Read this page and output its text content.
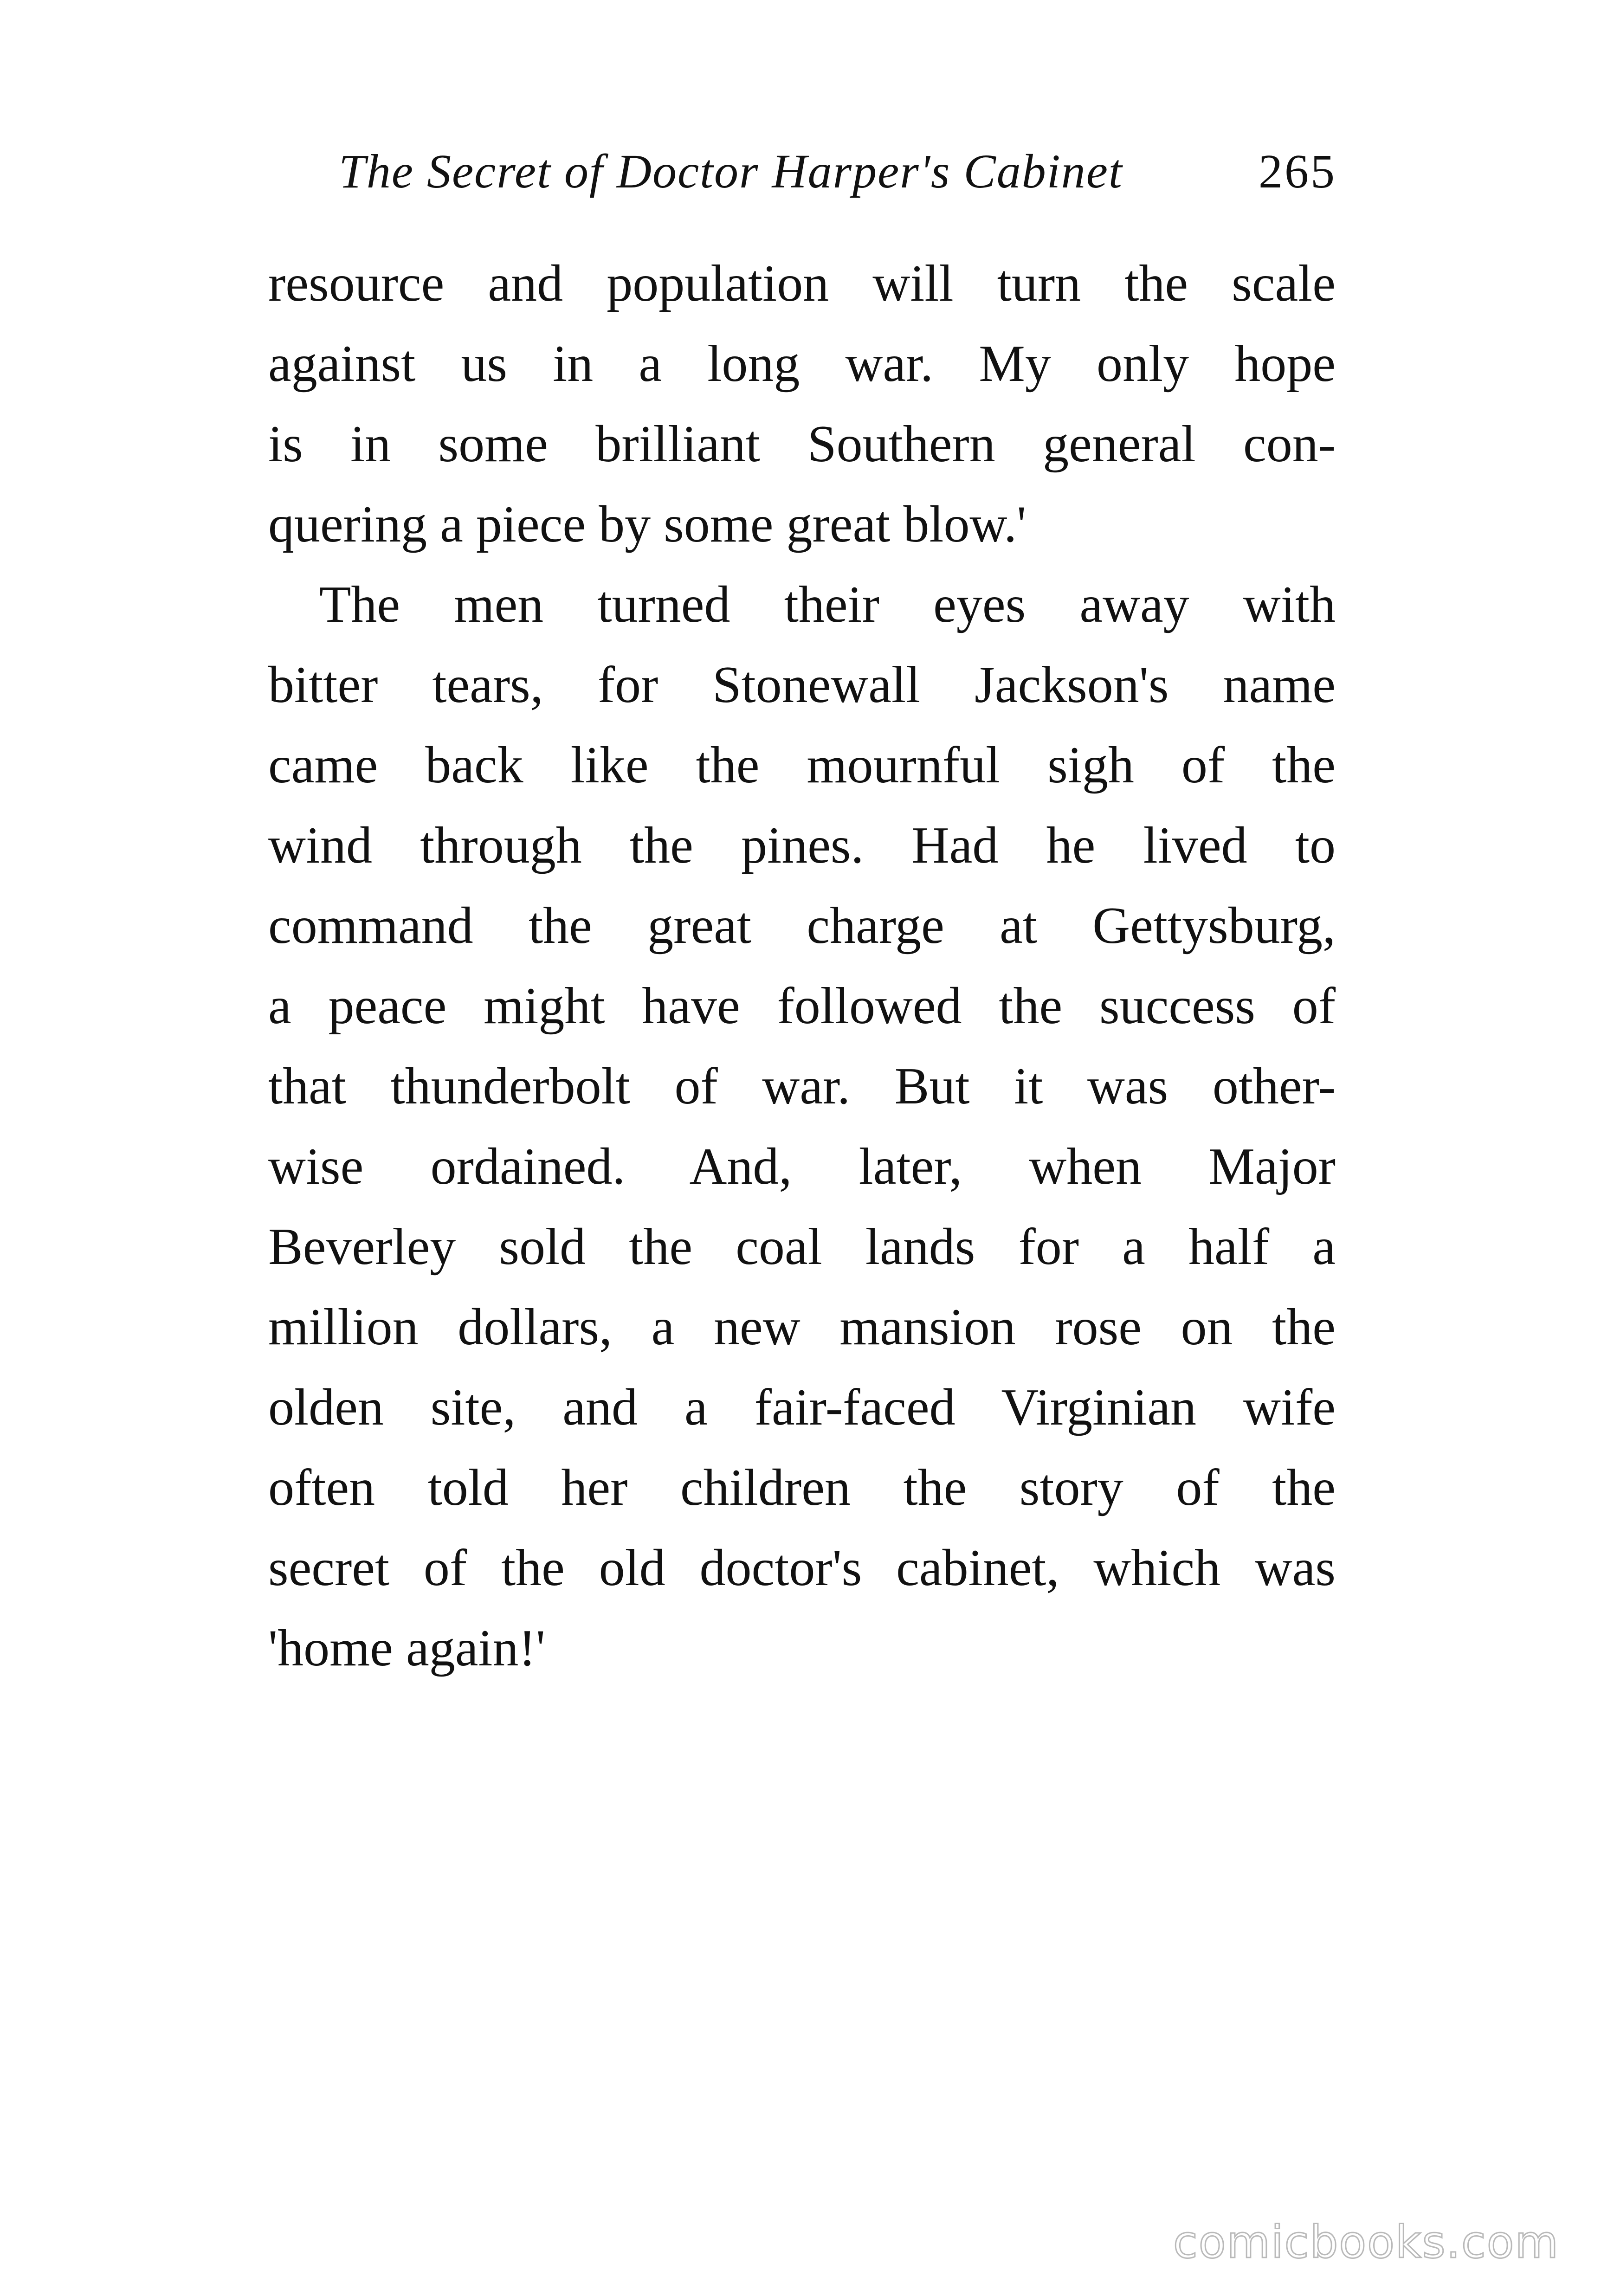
The Secret of Doctor Harper's Cabinet	265
resource and population will turn the scale
against us in a long war. My only hope
is in some brilliant Southern general con-
quering a piece by some great blow.'
The men turned their eyes away with
bitter tears, for Stonewall Jackson's name
came back like the mournful sigh of the
wind through the pines. Had he lived to
command the great charge at Gettysburg,
a peace might have followed the success of
that thunderbolt of war. But it was other-
wise ordained. And, later, when Major
Beverley sold the coal lands for a half a
million dollars, a new mansion rose on the
olden site, and a fair-faced Virginian wife
often told her children the story of the
secret of the old doctor's cabinet, which was
'home again!'
comicbooks.com
